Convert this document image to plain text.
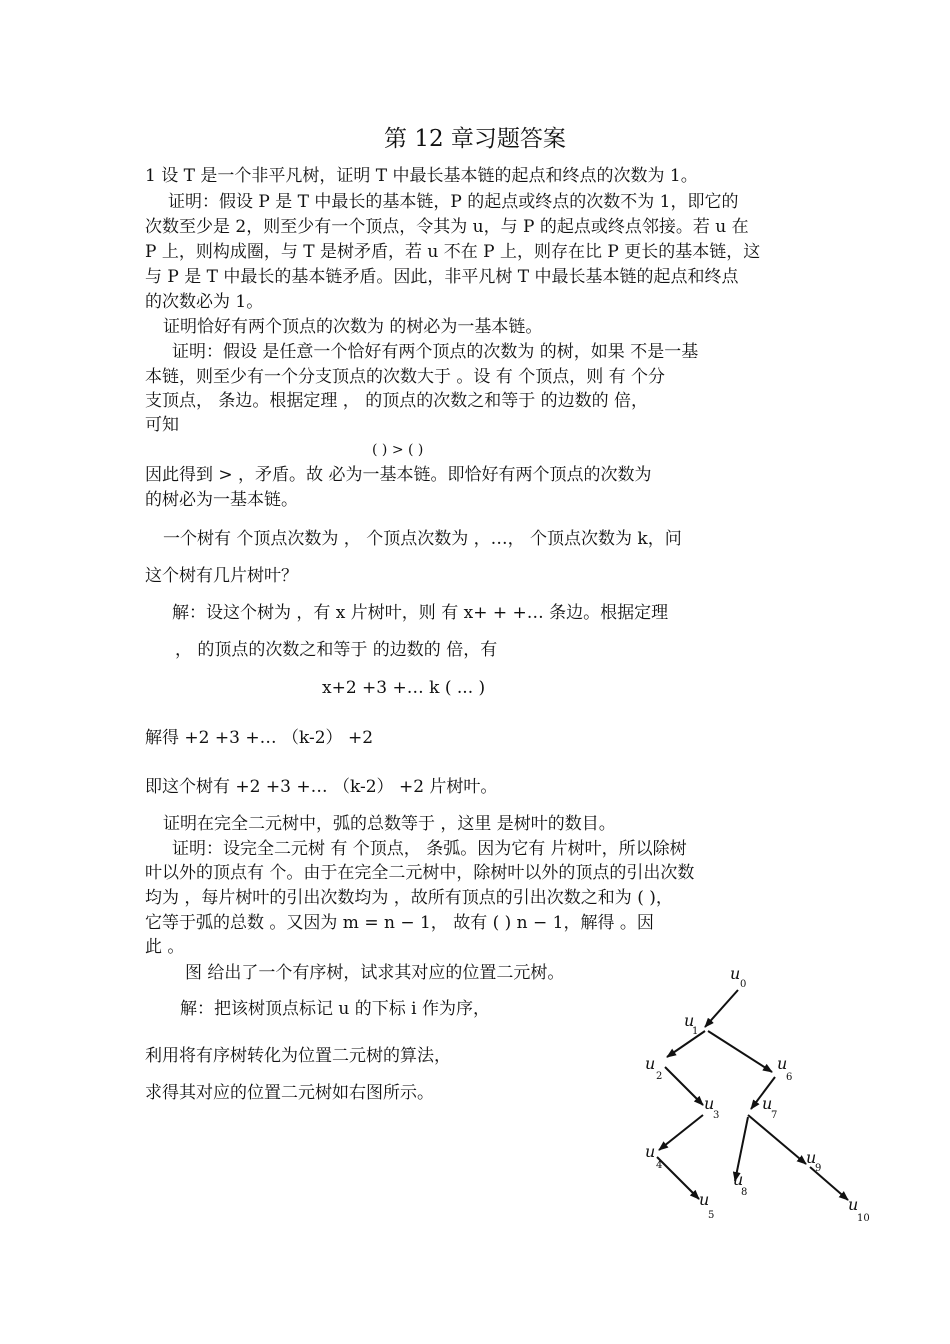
第 12 章习题答案
1 设 T 是一个非平凡树，证明 T 中最长基本链的起点和终点的次数为 1。
证明：假设 P 是 T 中最长的基本链，P 的起点或终点的次数不为 1，即它的
次数至少是 2，则至少有一个顶点，令其为 u，与 P 的起点或终点邻接。若 u 在
P 上，则构成圈，与 T 是树矛盾，若 u 不在 P 上，则存在比 P 更长的基本链，这
与 P 是 T 中最长的基本链矛盾。因此，非平凡树 T 中最长基本链的起点和终点
的次数必为 1。
证明恰好有两个顶点的次数为 的树必为一基本链。
证明：假设 是任意一个恰好有两个顶点的次数为 的树，如果 不是一基
本链，则至少有一个分支顶点的次数大于 。设 有 个顶点，则 有 个分
支顶点， 条边。根据定理 ， 的顶点的次数之和等于 的边数的 倍，
可知
( ) > ( )
因此得到 > ，矛盾。故 必为一基本链。即恰好有两个顶点的次数为
的树必为一基本链。
一个树有 个顶点次数为 ， 个顶点次数为 ，…， 个顶点次数为 k，问
这个树有几片树叶？
解：设这个树为 ，有 x 片树叶，则 有 x+ + +… 条边。根据定理
， 的顶点的次数之和等于 的边数的 倍，有
x+2 +3 +… k ( ... )
解得 +2 +3 +… （k-2） +2
即这个树有 +2 +3 +… （k-2） +2 片树叶。
证明在完全二元树中，弧的总数等于 ，这里 是树叶的数目。
证明：设完全二元树 有 个顶点， 条弧。因为它有 片树叶，所以除树
叶以外的顶点有 个。由于在完全二元树中，除树叶以外的顶点的引出次数
均为 ，每片树叶的引出次数均为 ，故所有顶点的引出次数之和为 ( )，
它等于弧的总数 。又因为 m = n − 1， 故有 ( ) n − 1，解得 。因
此 。
图 给出了一个有序树，试求其对应的位置二元树。
解：把该树顶点标记 u 的下标 i 作为序，
利用将有序树转化为位置二元树的算法，
求得其对应的位置二元树如右图所示。
u
0
u
1
u
2
u
6
u
3
u
7
u
4
u
8
u
9
u
5
u
10
